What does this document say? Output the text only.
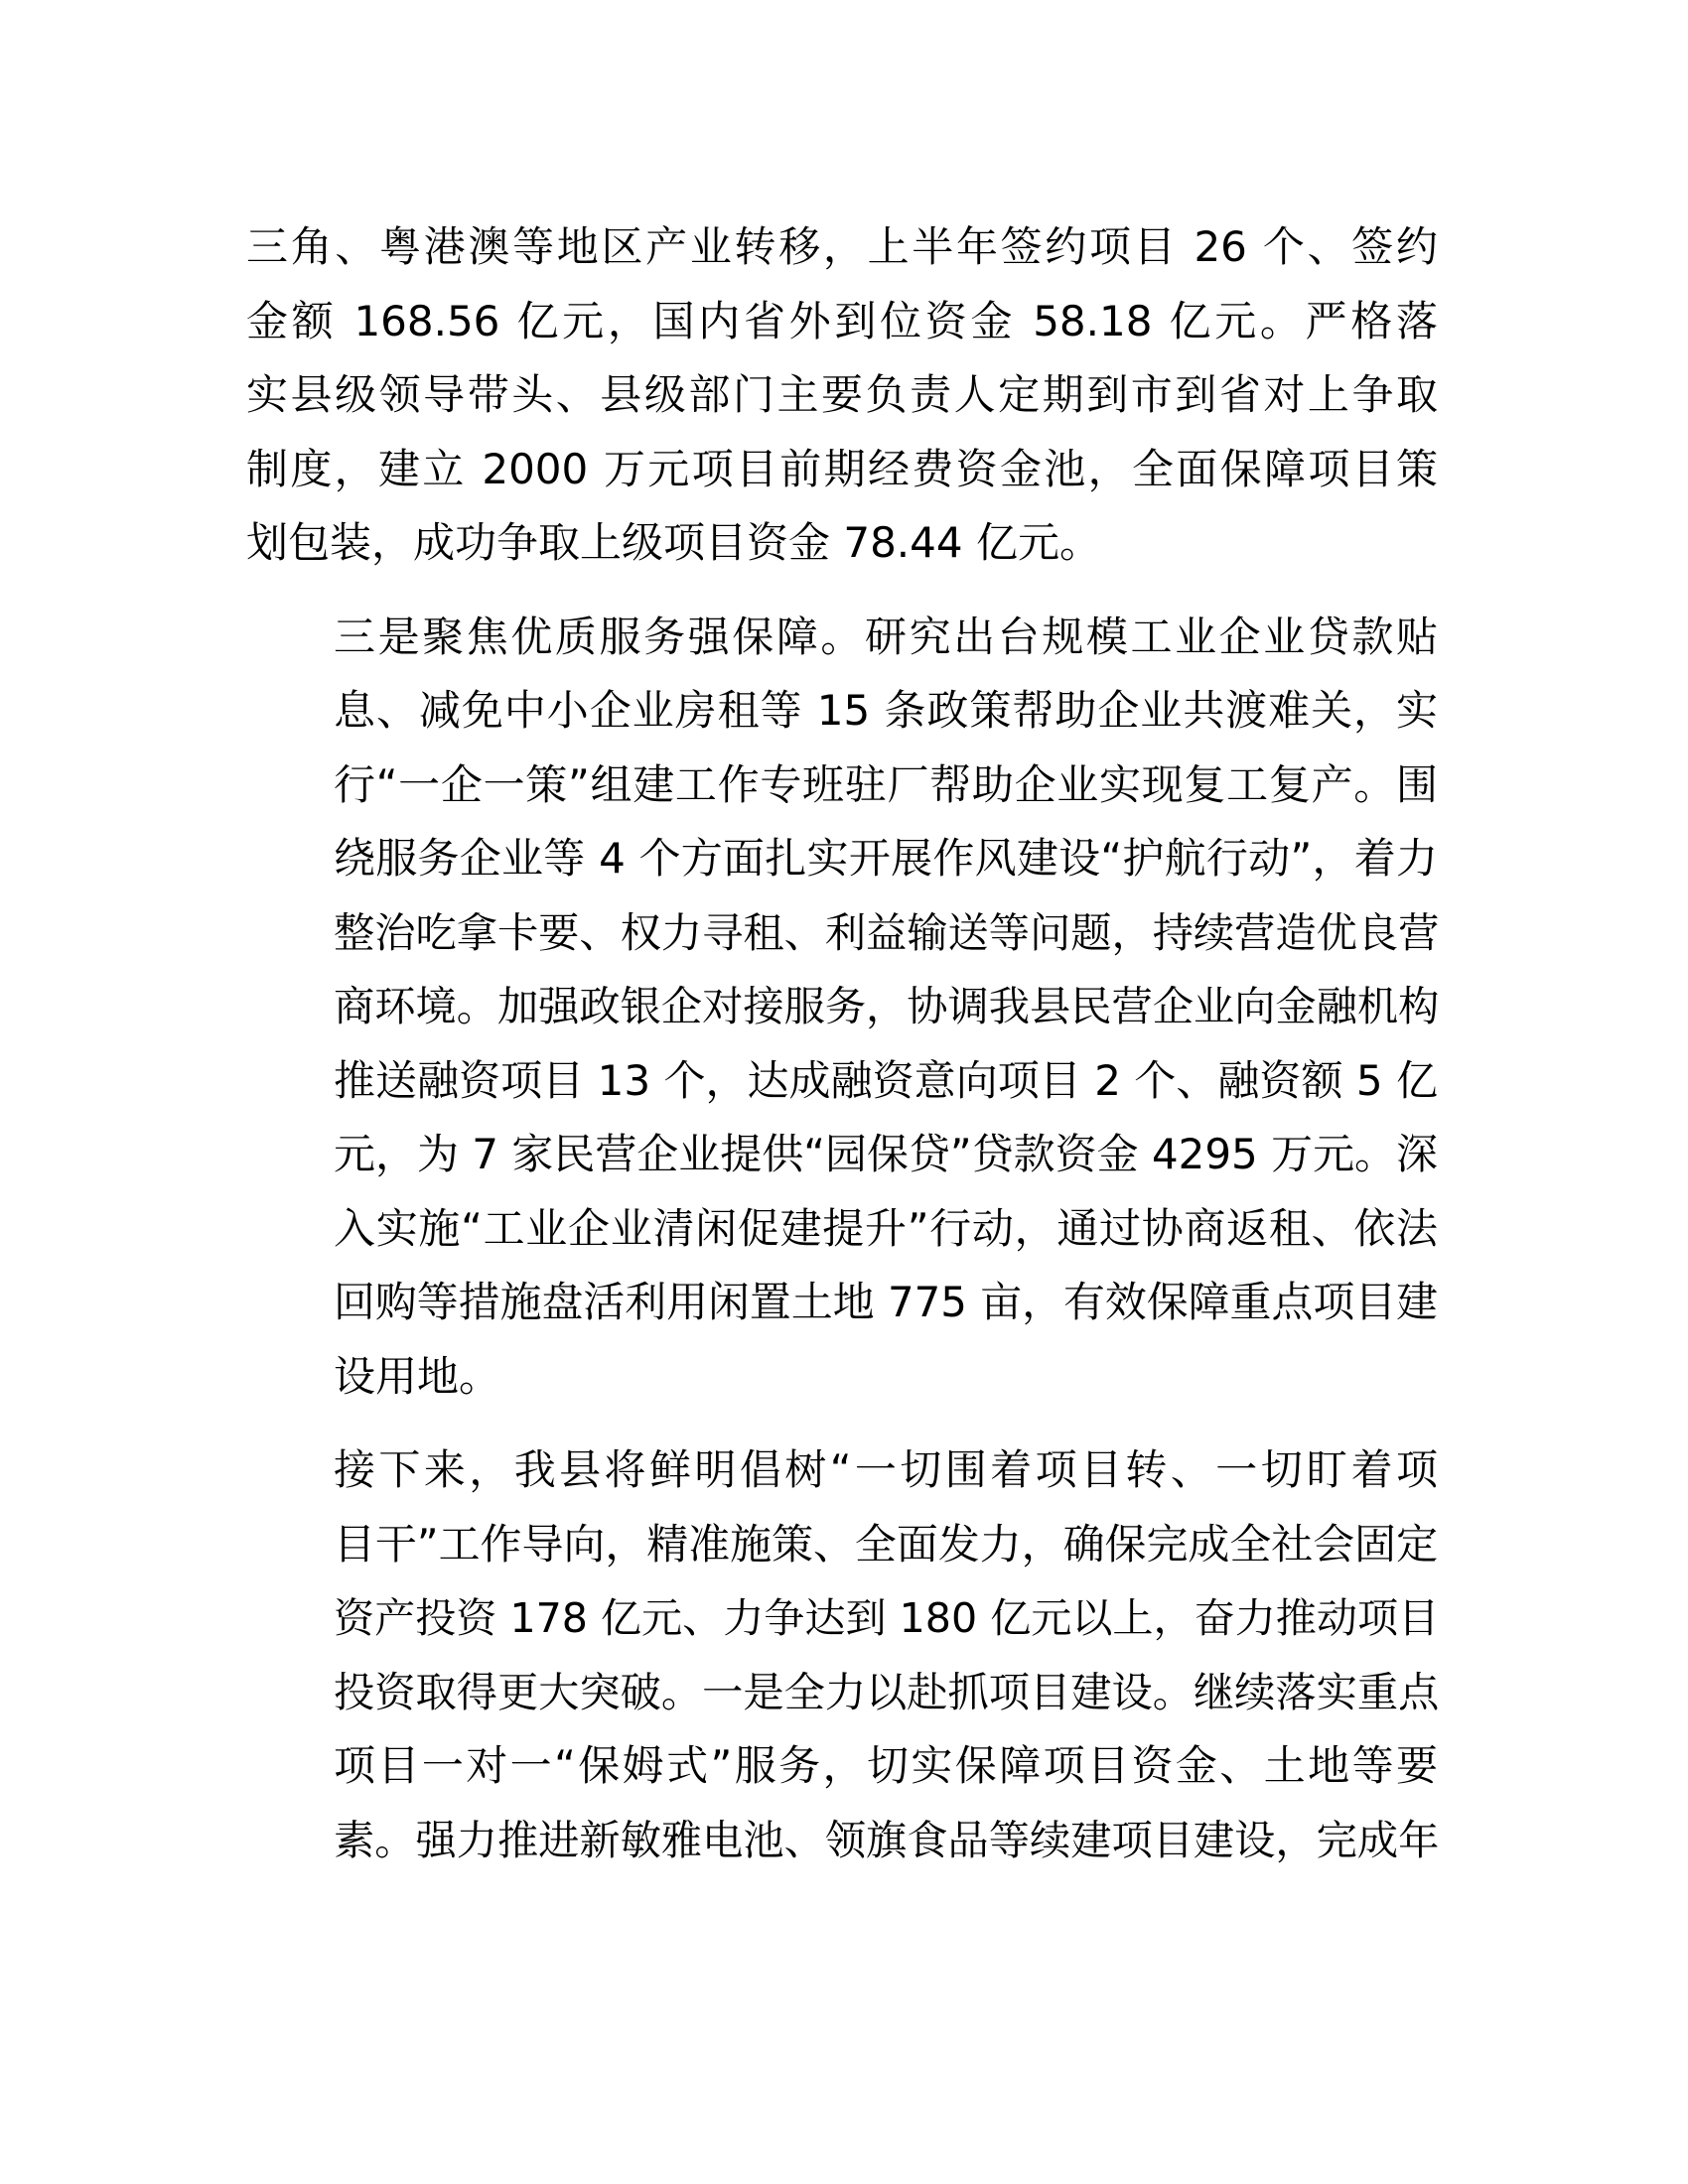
三角、粤港澳等地区产业转移，上半年签约项目 26 个、签约
金额 168.56 亿元，国内省外到位资金 58.18 亿元。严格落
实县级领导带头、县级部门主要负责人定期到市到省对上争取
制度，建立 2000 万元项目前期经费资金池，全面保障项目策
划包装，成功争取上级项目资金 78.44 亿元。
三是聚焦优质服务强保障。研究出台规模工业企业贷款贴
息、减免中小企业房租等 15 条政策帮助企业共渡难关，实
行“一企一策”组建工作专班驻厂帮助企业实现复工复产。围
绕服务企业等 4 个方面扎实开展作风建设“护航行动”，着力
整治吃拿卡要、权力寻租、利益输送等问题，持续营造优良营
商环境。加强政银企对接服务，协调我县民营企业向金融机构
推送融资项目 13 个，达成融资意向项目 2 个、融资额 5 亿
元，为 7 家民营企业提供“园保贷”贷款资金 4295 万元。深
入实施“工业企业清闲促建提升”行动，通过协商返租、依法
回购等措施盘活利用闲置土地 775 亩，有效保障重点项目建
设用地。
接下来，我县将鲜明倡树“一切围着项目转、一切盯着项
目干”工作导向，精准施策、全面发力，确保完成全社会固定
资产投资 178 亿元、力争达到 180 亿元以上，奋力推动项目
投资取得更大突破。一是全力以赴抓项目建设。继续落实重点
项目一对一“保姆式”服务，切实保障项目资金、土地等要
素。强力推进新敏雅电池、领旗食品等续建项目建设，完成年
